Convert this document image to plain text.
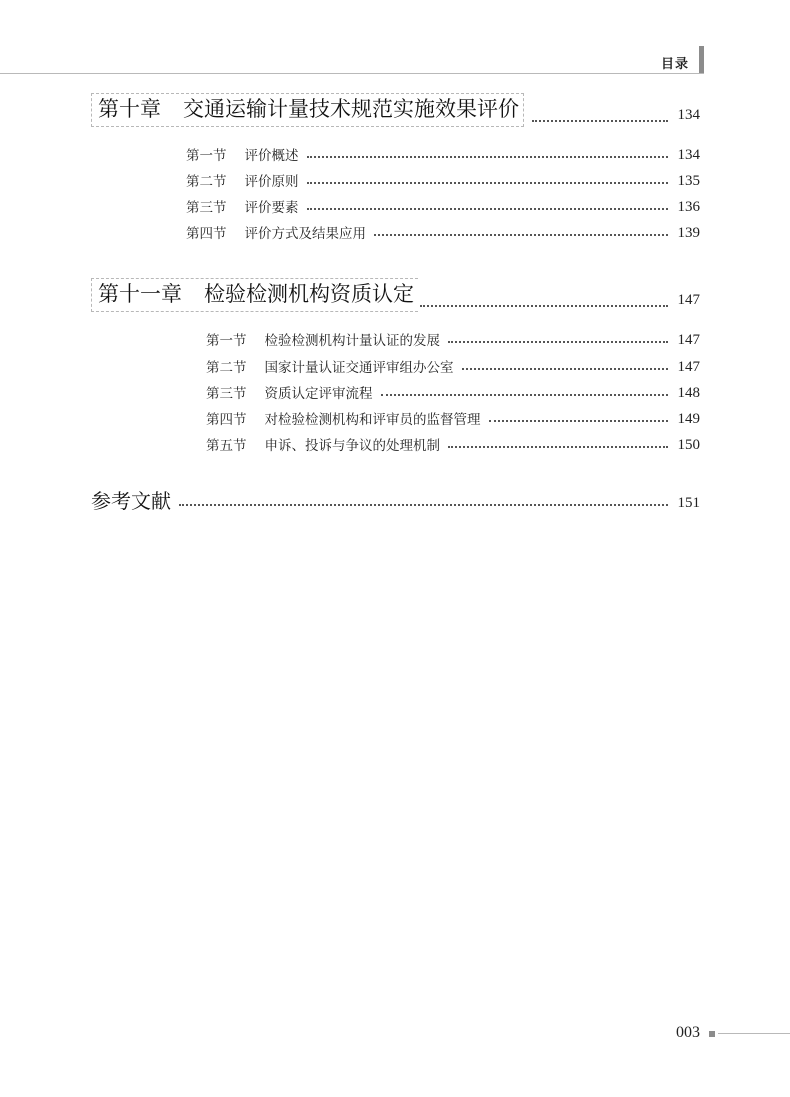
目录
第十章 交通运输计量技术规范实施效果评价	134
第一节 评价概述	134
第二节 评价原则	135
第三节 评价要素	136
第四节 评价方式及结果应用	139
第十一章 检验检测机构资质认定	147
第一节 检验检测机构计量认证的发展	147
第二节 国家计量认证交通评审组办公室	147
第三节 资质认定评审流程	148
第四节 对检验检测机构和评审员的监督管理	149
第五节 申诉、投诉与争议的处理机制	150
参考文献	151
003
